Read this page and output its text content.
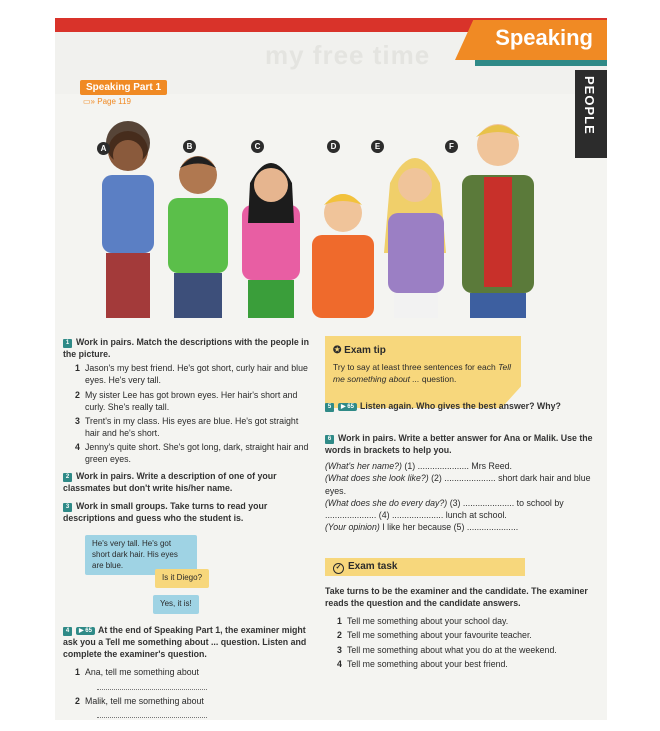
my free time
Speaking
PEOPLE
Speaking Part 1
▭» Page 119
A	B	C	D	E	F
1 Work in pairs. Match the descriptions with the people in the picture.
1 Jason's my best friend. He's got short, curly hair and blue eyes. He's very tall.
2 My sister Lee has got brown eyes. Her hair's short and curly. She's really tall.
3 Trent's in my class. His eyes are blue. He's got straight hair and he's short.
4 Jenny's quite short. She's got long, dark, straight hair and green eyes.
2 Work in pairs. Write a description of one of your classmates but don't write his/her name.
3 Work in small groups. Take turns to read your descriptions and guess who the student is.
He's very tall. He's got short dark hair. His eyes are blue.
Is it Diego?
Yes, it is!
4 ▶ 65 At the end of Speaking Part 1, the examiner might ask you a Tell me something about ... question. Listen and complete the examiner's question.
1 Ana, tell me something about
2 Malik, tell me something about
✪ Exam tip
Try to say at least three sentences for each Tell me something about ... question.
5 ▶ 65 Listen again. Who gives the best answer? Why?
6 Work in pairs. Write a better answer for Ana or Malik. Use the words in brackets to help you.
(What's her name?) (1) ..................... Mrs Reed.
(What does she look like?) (2) ..................... short dark hair and blue eyes.
(What does she do every day?) (3) ..................... to school by ..................... (4) ..................... lunch at school.
(Your opinion) I like her because (5) .....................
✓ Exam task
Take turns to be the examiner and the candidate. The examiner reads the question and the candidate answers.
1 Tell me something about your school day.
2 Tell me something about your favourite teacher.
3 Tell me something about what you do at the weekend.
4 Tell me something about your best friend.
